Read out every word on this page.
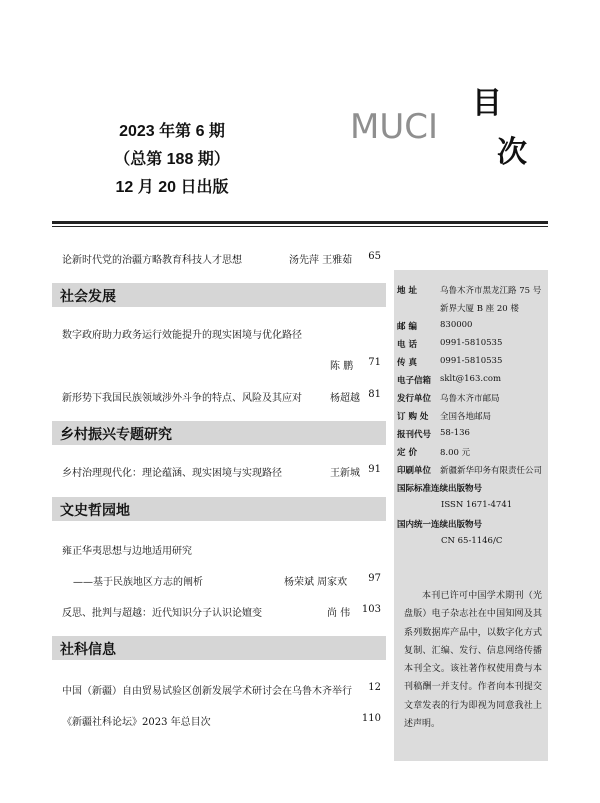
2023 年第 6 期
（总第 188 期）
12 月 20 日出版
MUCI
目
次
论新时代党的治疆方略教育科技人才思想	汤先萍 王雅茹	65
社会发展
数字政府助力政务运行效能提升的现实困境与优化路径
陈 鹏	71
新形势下我国民族领域涉外斗争的特点、风险及其应对	杨超越 81
乡村振兴专题研究
乡村治理现代化：理论蕴涵、现实困境与实现路径	王新城 91
文史哲园地
雍正华夷思想与边地适用研究
——基于民族地区方志的阐析	杨荣斌 周家欢	97
反思、批判与超越：近代知识分子认识论嬗变	尚 伟	103
社科信息
中国（新疆）自由贸易试验区创新发展学术研讨会在乌鲁木齐举行	12
《新疆社科论坛》2023 年总目次	110
地 址	乌鲁木齐市黑龙江路 75 号
新界大厦 B 座 20 楼
邮 编	830000
电 话	0991-5810535
传 真	0991-5810535
电子信箱 sklt@163.com
发行单位 乌鲁木齐市邮局
订 购 处 全国各地邮局
报刊代号 58-136
定 价	8.00 元
印刷单位 新疆新华印务有限责任公司
国际标准连续出版物号
ISSN 1671-4741
国内统一连续出版物号
CN 65-1146/C
本刊已许可中国学术期刊（光盘版）电子杂志社在中国知网及其系列数据库产品中，以数字化方式复制、汇编、发行、信息网络传播本刊全文。该社著作权使用费与本刊稿酬一并支付。作者向本刊提交文章发表的行为即视为同意我社上述声明。
